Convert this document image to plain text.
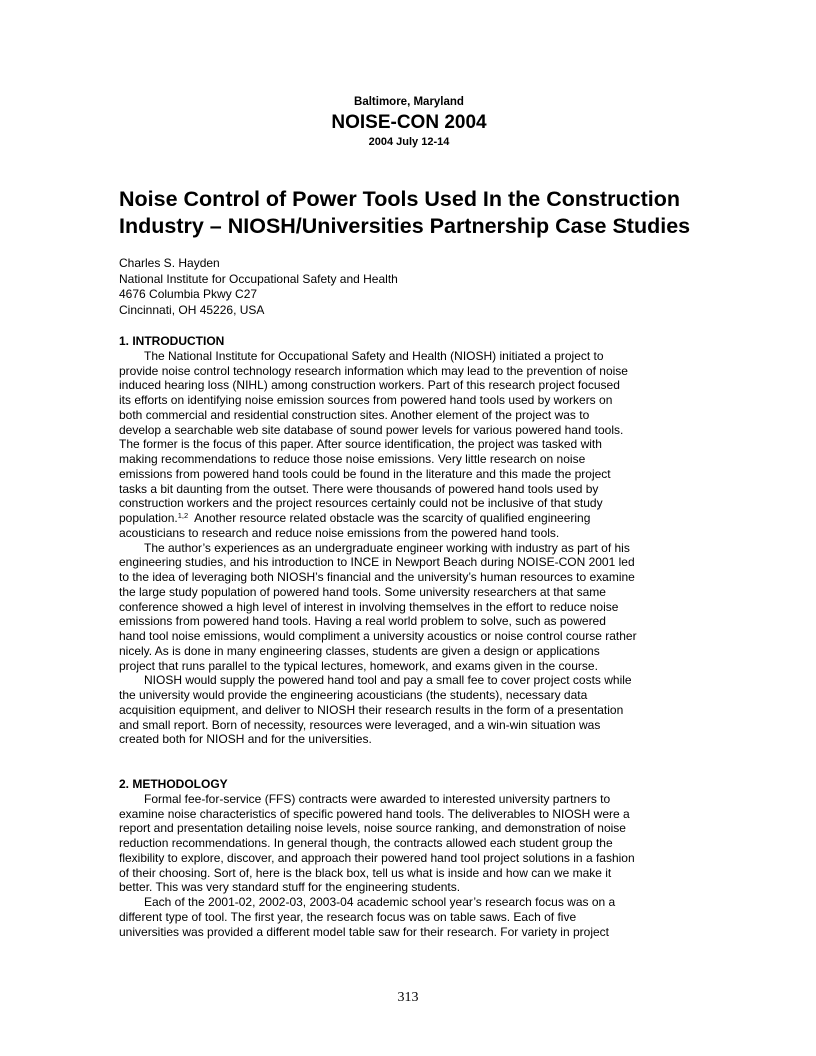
Baltimore, Maryland

NOISE-CON 2004

2004 July 12-14

Noise Control of Power Tools Used In the Construction
Industry – NIOSH/Universities Partnership Case Studies
Charles S. Hayden
National Institute for Occupational Safety and Health
4676 Columbia Pkwy C27
Cincinnati, OH 45226, USA

1. INTRODUCTION

The National Institute for Occupational Safety and Health (NIOSH) initiated a project to
provide noise control technology research information which may lead to the prevention of noise
induced hearing loss (NIHL) among construction workers. Part of this research project focused
its efforts on identifying noise emission sources from powered hand tools used by workers on
both commercial and residential construction sites. Another element of the project was to
develop a searchable web site database of sound power levels for various powered hand tools.
The former is the focus of this paper. After source identification, the project was tasked with
making recommendations to reduce those noise emissions. Very little research on noise
emissions from powered hand tools could be found in the literature and this made the project
tasks a bit daunting from the outset. There were thousands of powered hand tools used by
construction workers and the project resources certainly could not be inclusive of that study
population.$^{1,2}$  Another resource related obstacle was the scarcity of qualified engineering
acousticians to research and reduce noise emissions from the powered hand tools.

The author’s experiences as an undergraduate engineer working with industry as part of his
engineering studies, and his introduction to INCE in Newport Beach during NOISE-CON 2001 led
to the idea of leveraging both NIOSH’s financial and the university’s human resources to examine
the large study population of powered hand tools. Some university researchers at that same
conference showed a high level of interest in involving themselves in the effort to reduce noise
emissions from powered hand tools. Having a real world problem to solve, such as powered
hand tool noise emissions, would compliment a university acoustics or noise control course rather
nicely. As is done in many engineering classes, students are given a design or applications
project that runs parallel to the typical lectures, homework, and exams given in the course.

NIOSH would supply the powered hand tool and pay a small fee to cover project costs while
the university would provide the engineering acousticians (the students), necessary data
acquisition equipment, and deliver to NIOSH their research results in the form of a presentation
and small report. Born of necessity, resources were leveraged, and a win-win situation was
created both for NIOSH and for the universities.

2. METHODOLOGY

Formal fee-for-service (FFS) contracts were awarded to interested university partners to
examine noise characteristics of specific powered hand tools. The deliverables to NIOSH were a
report and presentation detailing noise levels, noise source ranking, and demonstration of noise
reduction recommendations. In general though, the contracts allowed each student group the
flexibility to explore, discover, and approach their powered hand tool project solutions in a fashion
of their choosing. Sort of, here is the black box, tell us what is inside and how can we make it
better. This was very standard stuff for the engineering students.

Each of the 2001-02, 2002-03, 2003-04 academic school year’s research focus was on a
different type of tool. The first year, the research focus was on table saws. Each of five
universities was provided a different model table saw for their research. For variety in project

313
